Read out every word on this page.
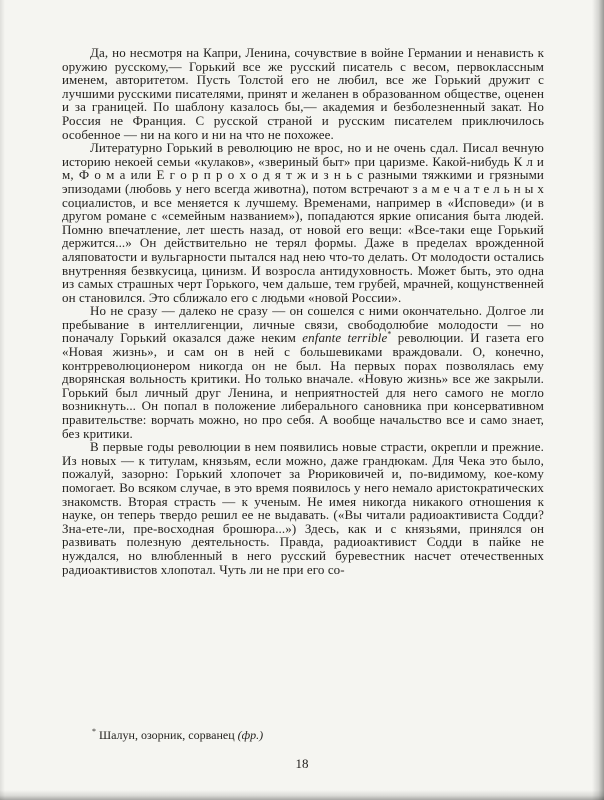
Да, но несмотря на Капри, Ленина, сочувствие в войне Германии и ненависть к оружию русскому,— Горький все же русский писатель с весом, первоклассным именем, авторитетом. Пусть Толстой его не любил, все же Горький дружит с лучшими русскими писателями, принят и желанен в образованном обществе, оценен и за границей. По шаблону казалось бы,— академия и безболезненный закат. Но Россия не Франция. С русской страной и русским писателем приключилось особенное — ни на кого и ни на что не похожее.

Литературно Горький в революцию не врос, но и не очень сдал. Писал вечную историю некоей семьи «кулаков», «звериный быт» при царизме. Какой-нибудь К л и м, Ф о м а или Е г о р п р о х о д я т ж и з н ь с разными тяжкими и грязными эпизодами (любовь у него всегда животна), потом встречают з а м е ч а т е л ь н ы х социалистов, и все меняется к лучшему. Временами, например в «Исповеди» (и в другом романе с «семейным названием»), попадаются яркие описания быта людей. Помню впечатление, лет шесть назад, от новой его вещи: «Все-таки еще Горький держится...» Он действительно не терял формы. Даже в пределах врожденной аляповатости и вульгарности пытался над нею что-то делать. От молодости остались внутренняя безвкусица, цинизм. И возросла антидуховность. Может быть, это одна из самых страшных черт Горького, чем дальше, тем грубей, мрачней, кощунственней он становился. Это сближало его с людьми «новой России».

Но не сразу — далеко не сразу — он сошелся с ними окончательно. Долгое ли пребывание в интеллигенции, личные связи, свободолюбие молодости — но поначалу Горький оказался даже неким enfante terrible* революции. И газета его «Новая жизнь», и сам он в ней с большевиками враждовали. О, конечно, контрреволюционером никогда он не был. На первых порах позволялась ему дворянская вольность критики. Но только вначале. «Новую жизнь» все же закрыли. Горький был личный друг Ленина, и неприятностей для него самого не могло возникнуть... Он попал в положение либерального сановника при консервативном правительстве: ворчать можно, но про себя. А вообще начальство все и само знает, без критики.

В первые годы революции в нем появились новые страсти, окрепли и прежние. Из новых — к титулам, князьям, если можно, даже грандюкам. Для Чека это было, пожалуй, зазорно: Горький хлопочет за Рюриковичей и, по-видимому, кое-кому помогает. Во всяком случае, в это время появилось у него немало аристократических знакомств. Вторая страсть — к ученым. Не имея никогда никакого отношения к науке, он теперь твердо решил ее не выдавать. («Вы читали радиоактивиста Содди? Зна-ете-ли, пре-восходная брошюра...») Здесь, как и с князьями, принялся он развивать полезную деятельность. Правда, радиоактивист Содди в пайке не нуждался, но влюбленный в него русский буревестник насчет отечественных радиоактивистов хлопотал. Чуть ли не при его со-

* Шалун, озорник, сорванец (фр.)
18
